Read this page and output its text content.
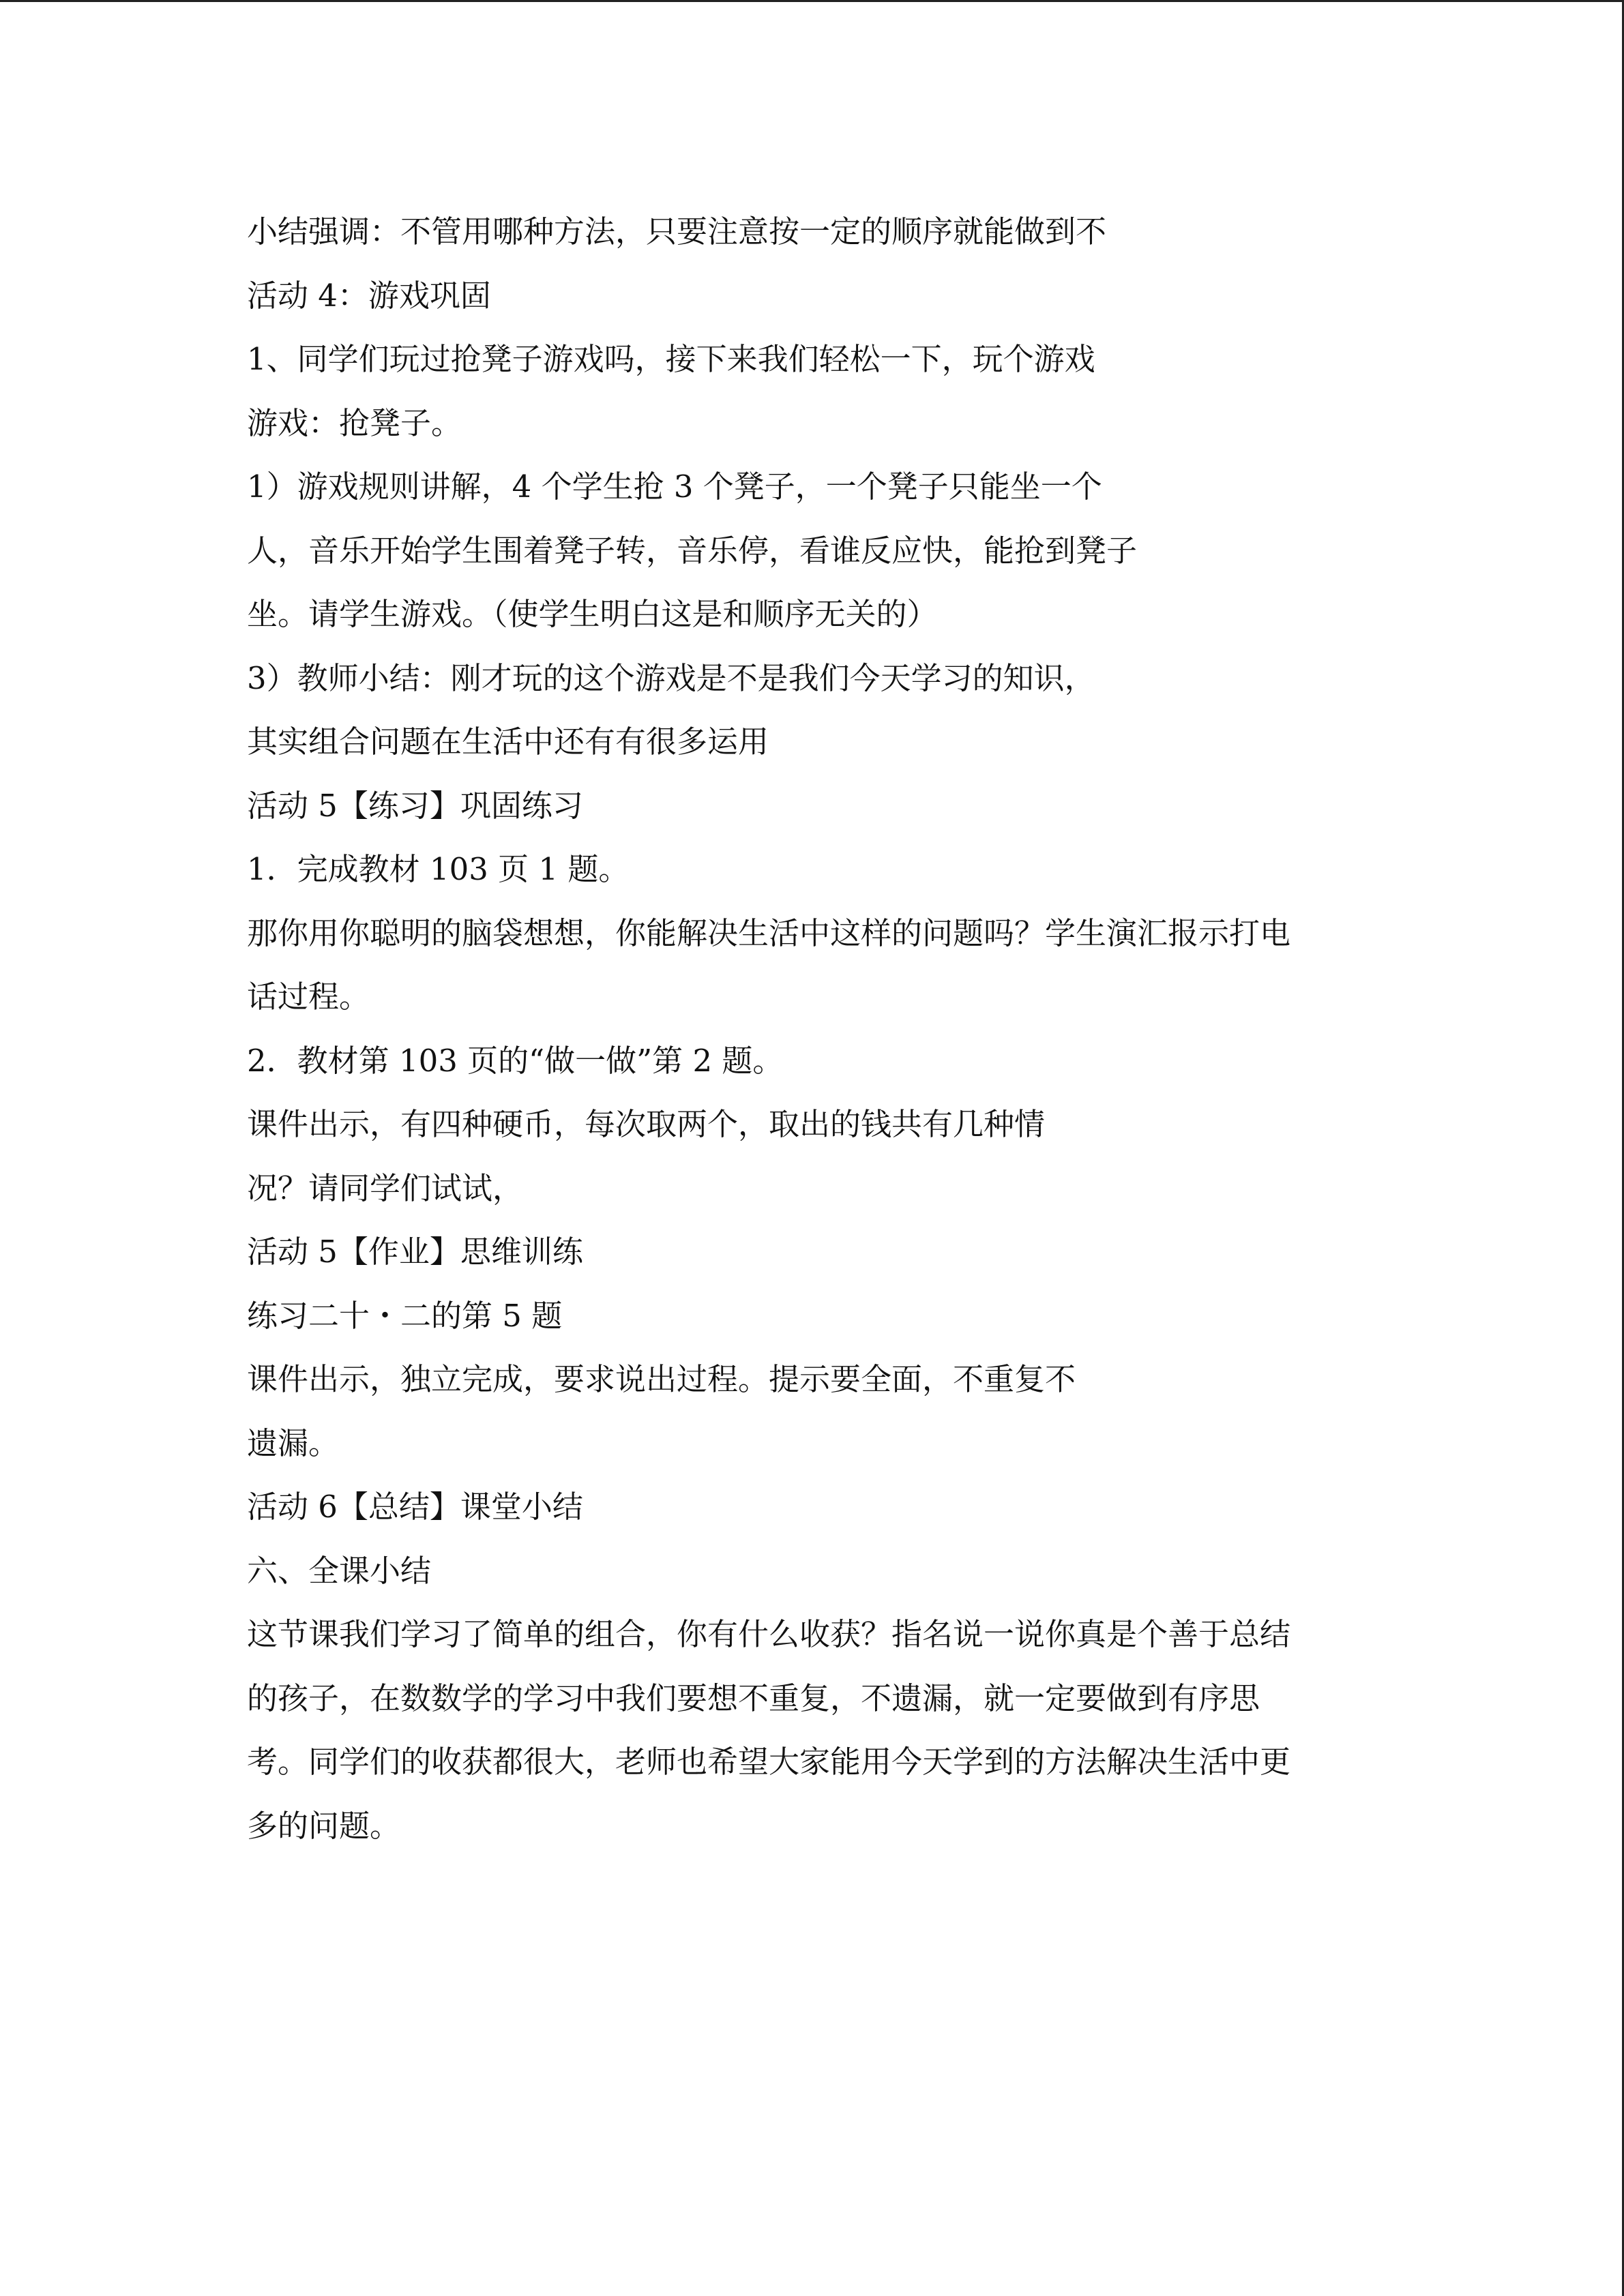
小结强调：不管用哪种方法，只要注意按一定的顺序就能做到不
活动 4：游戏巩固
1、同学们玩过抢凳子游戏吗，接下来我们轻松一下，玩个游戏
游戏：抢凳子。
1）游戏规则讲解，4 个学生抢 3 个凳子，一个凳子只能坐一个
人，音乐开始学生围着凳子转，音乐停，看谁反应快，能抢到凳子
坐。请学生游戏。（使学生明白这是和顺序无关的）
3）教师小结：刚才玩的这个游戏是不是我们今天学习的知识，
其实组合问题在生活中还有有很多运用
活动 5【练习】巩固练习
1．完成教材 103 页 1 题。
那你用你聪明的脑袋想想，你能解决生活中这样的问题吗？学生演汇报示打电
话过程。
2．教材第 103 页的“做一做”第 2 题。
课件出示，有四种硬币，每次取两个，取出的钱共有几种情
况？请同学们试试，
活动 5【作业】思维训练
练习二十・二的第 5 题
课件出示，独立完成，要求说出过程。提示要全面，不重复不
遗漏。
活动 6【总结】课堂小结
六、全课小结
这节课我们学习了简单的组合，你有什么收获？指名说一说你真是个善于总结
的孩子，在数数学的学习中我们要想不重复，不遗漏，就一定要做到有序思
考。同学们的收获都很大，老师也希望大家能用今天学到的方法解决生活中更
多的问题。
